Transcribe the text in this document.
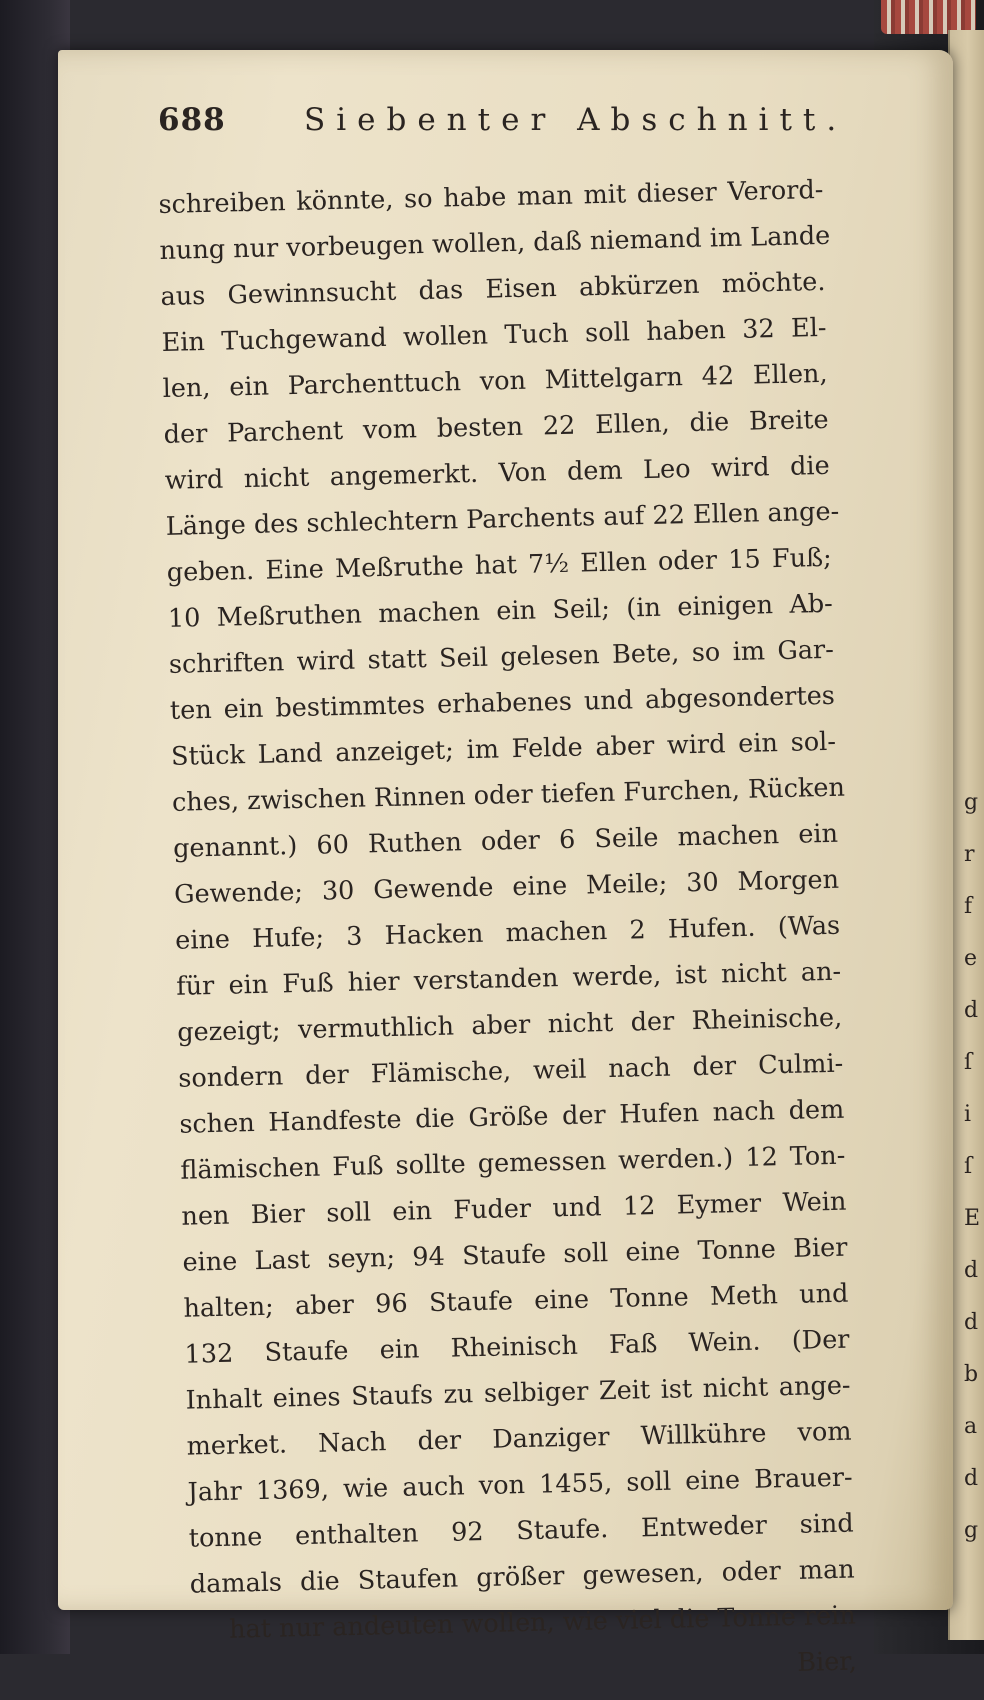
g
r
f
e
d
ſ
i
ſ
E
d
d
b
a
d
g
688	Siebenter Abschnitt.
schreiben könnte, so habe man mit dieser Verord-
nung nur vorbeugen wollen, daß niemand im Lande
aus Gewinnsucht das Eisen abkürzen möchte.
Ein Tuchgewand wollen Tuch soll haben 32 El-
len, ein Parchenttuch von Mittelgarn 42 Ellen,
der Parchent vom besten 22 Ellen, die Breite
wird nicht angemerkt. Von dem Leo wird die
Länge des schlechtern Parchents auf 22 Ellen ange-
geben. Eine Meßruthe hat 7½ Ellen oder 15 Fuß;
10 Meßruthen machen ein Seil; (in einigen Ab-
schriften wird statt Seil gelesen Bete, so im Gar-
ten ein bestimmtes erhabenes und abgesondertes
Stück Land anzeiget; im Felde aber wird ein sol-
ches, zwischen Rinnen oder tiefen Furchen, Rücken
genannt.) 60 Ruthen oder 6 Seile machen ein
Gewende; 30 Gewende eine Meile; 30 Morgen
eine Hufe; 3 Hacken machen 2 Hufen. (Was
für ein Fuß hier verstanden werde, ist nicht an-
gezeigt; vermuthlich aber nicht der Rheinische,
sondern der Flämische, weil nach der Culmi-
schen Handfeste die Größe der Hufen nach dem
flämischen Fuß sollte gemessen werden.) 12 Ton-
nen Bier soll ein Fuder und 12 Eymer Wein
eine Last seyn; 94 Staufe soll eine Tonne Bier
halten; aber 96 Staufe eine Tonne Meth und
132 Staufe ein Rheinisch Faß Wein. (Der
Inhalt eines Staufs zu selbiger Zeit ist nicht ange-
merket. Nach der Danziger Willkühre vom
Jahr 1369, wie auch von 1455, soll eine Brauer-
tonne enthalten 92 Staufe. Entweder sind
damals die Staufen größer gewesen, oder man
hat nur andeuten wollen, wie viel die Tonne rein
Bier,
